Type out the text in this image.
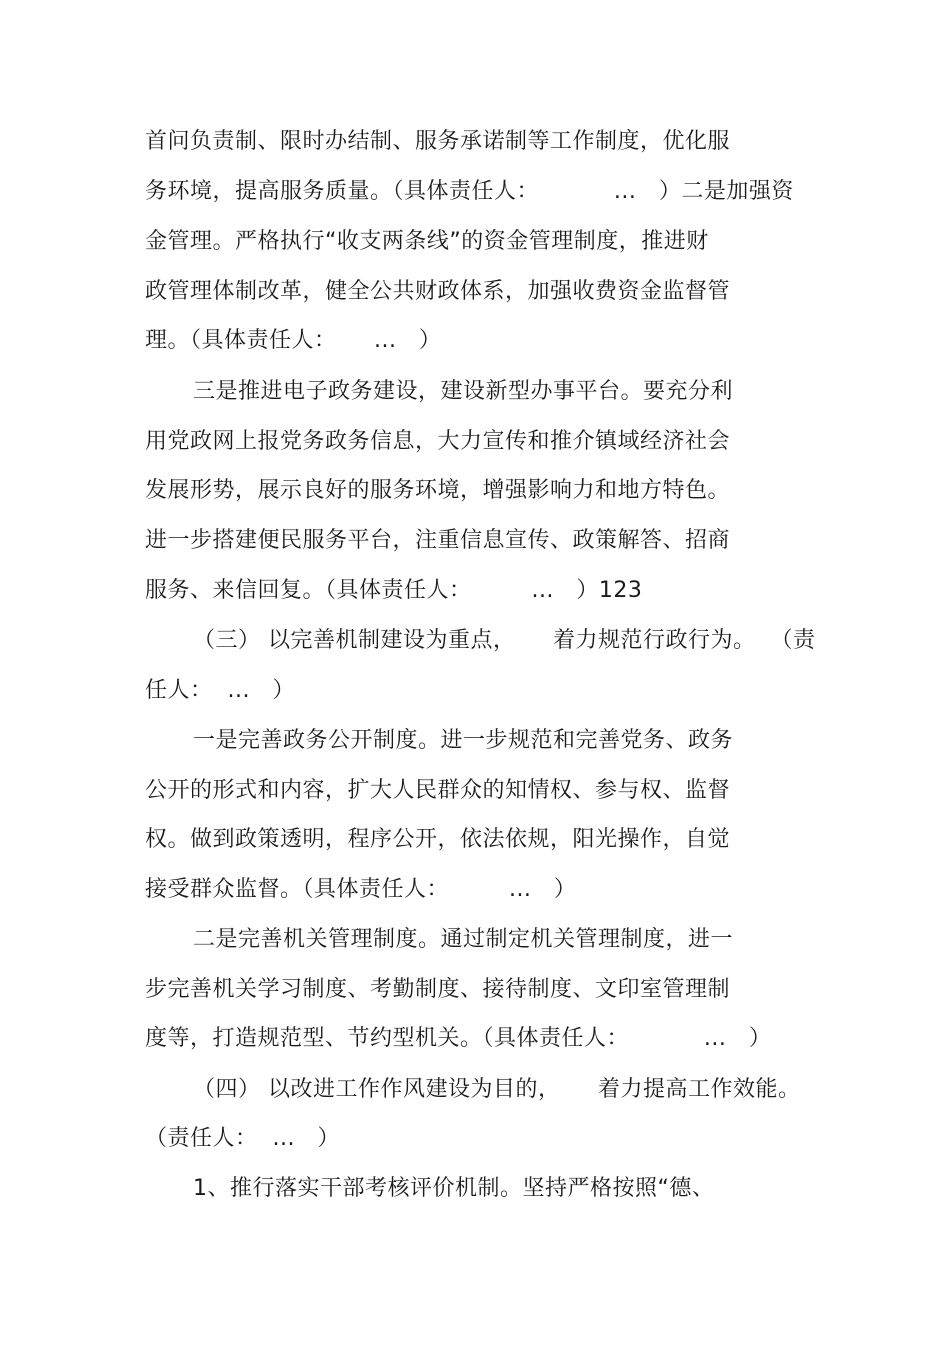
首问负责制、限时办结制、服务承诺制等工作制度，优化服
务环境，提高服务质量。（具体责任人：          ...   ）二是加强资
金管理。严格执行“收支两条线”的资金管理制度，推进财
政管理体制改革，健全公共财政体系，加强收费资金监督管
理。（具体责任人：     ...   ）
三是推进电子政务建设，建设新型办事平台。要充分利
用党政网上报党务政务信息，大力宣传和推介镇域经济社会
发展形势，展示良好的服务环境，增强影响力和地方特色。
进一步搭建便民服务平台，注重信息宣传、政策解答、招商
服务、来信回复。（具体责任人：        ...   ）123
（三） 以完善机制建设为重点，     着力规范行政行为。  （责
任人：  ...   ）
一是完善政务公开制度。进一步规范和完善党务、政务
公开的形式和内容，扩大人民群众的知情权、参与权、监督
权。做到政策透明，程序公开，依法依规，阳光操作，自觉
接受群众监督。（具体责任人：        ...   ）
二是完善机关管理制度。通过制定机关管理制度，进一
步完善机关学习制度、考勤制度、接待制度、文印室管理制
度等，打造规范型、节约型机关。（具体责任人：          ...   ）
（四） 以改进工作作风建设为目的，     着力提高工作效能。
（责任人：  ...   ）
1、推行落实干部考核评价机制。坚持严格按照“德、
